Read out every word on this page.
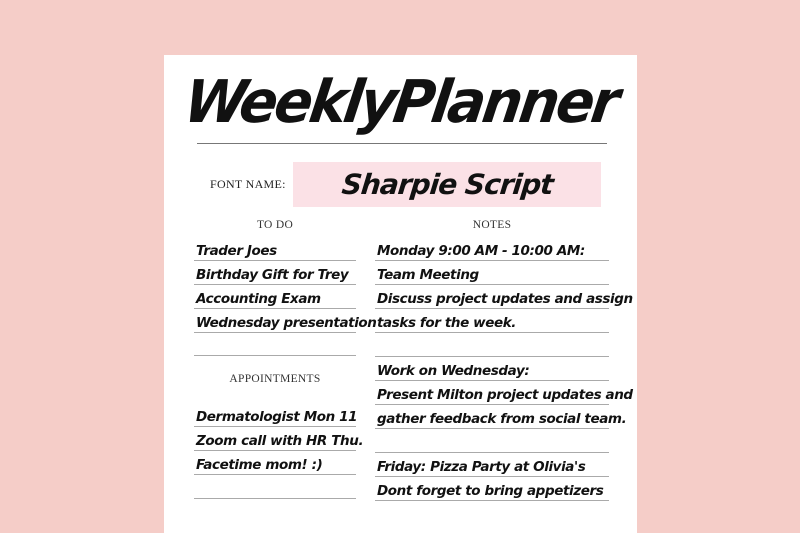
WeeklyPlanner
FONT NAME:	Sharpie Script
TO DO	NOTES
Trader Joes
Birthday Gift for Trey
Accounting Exam
Wednesday presentation
APPOINTMENTS
Dermatologist Mon 11
Zoom call with HR Thu.
Facetime mom! :)
Monday 9:00 AM - 10:00 AM:
Team Meeting
Discuss project updates and assign
tasks for the week.
Work on Wednesday:
Present Milton project updates and
gather feedback from social team.
Friday: Pizza Party at Olivia's
Dont forget to bring appetizers
